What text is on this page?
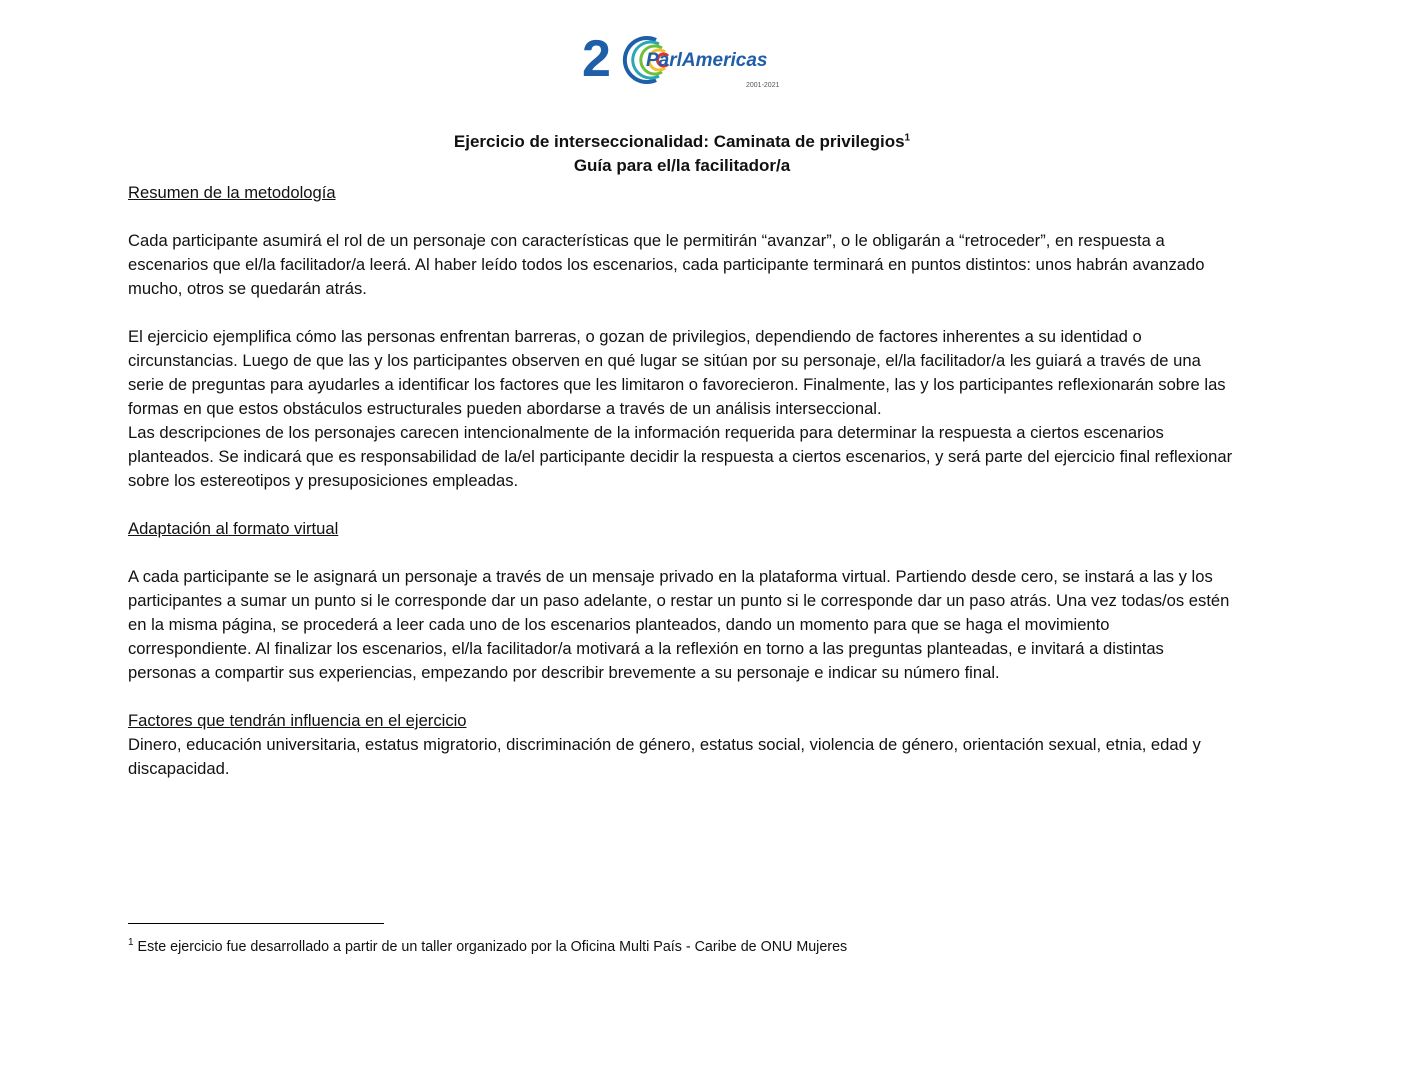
2 ParlAmericas
2001-2021
Ejercicio de interseccionalidad: Caminata de privilegios$^1$
Guía para el/la facilitador/a

Resumen de la metodología

Cada participante asumirá el rol de un personaje con características que le permitirán “avanzar”, o le obligarán a “retroceder”, en respuesta a escenarios que el/la facilitador/a leerá. Al haber leído todos los escenarios, cada participante terminará en puntos distintos: unos habrán avanzado mucho, otros se quedarán atrás.

El ejercicio ejemplifica cómo las personas enfrentan barreras, o gozan de privilegios, dependiendo de factores inherentes a su identidad o circunstancias. Luego de que las y los participantes observen en qué lugar se sitúan por su personaje, el/la facilitador/a les guiará a través de una serie de preguntas para ayudarles a identificar los factores que les limitaron o favorecieron. Finalmente, las y los participantes reflexionarán sobre las formas en que estos obstáculos estructurales pueden abordarse a través de un análisis interseccional.

Las descripciones de los personajes carecen intencionalmente de la información requerida para determinar la respuesta a ciertos escenarios planteados. Se indicará que es responsabilidad de la/el participante decidir la respuesta a ciertos escenarios, y será parte del ejercicio final reflexionar sobre los estereotipos y presuposiciones empleadas.

Adaptación al formato virtual

A cada participante se le asignará un personaje a través de un mensaje privado en la plataforma virtual. Partiendo desde cero, se instará a las y los participantes a sumar un punto si le corresponde dar un paso adelante, o restar un punto si le corresponde dar un paso atrás. Una vez todas/os estén en la misma página, se procederá a leer cada uno de los escenarios planteados, dando un momento para que se haga el movimiento correspondiente. Al finalizar los escenarios, el/la facilitador/a motivará a la reflexión en torno a las preguntas planteadas, e invitará a distintas personas a compartir sus experiencias, empezando por describir brevemente a su personaje e indicar su número final.

Factores que tendrán influencia en el ejercicio

Dinero, educación universitaria, estatus migratorio, discriminación de género, estatus social, violencia de género, orientación sexual, etnia, edad y discapacidad.

$^1$ Este ejercicio fue desarrollado a partir de un taller organizado por la Oficina Multi País - Caribe de ONU Mujeres
